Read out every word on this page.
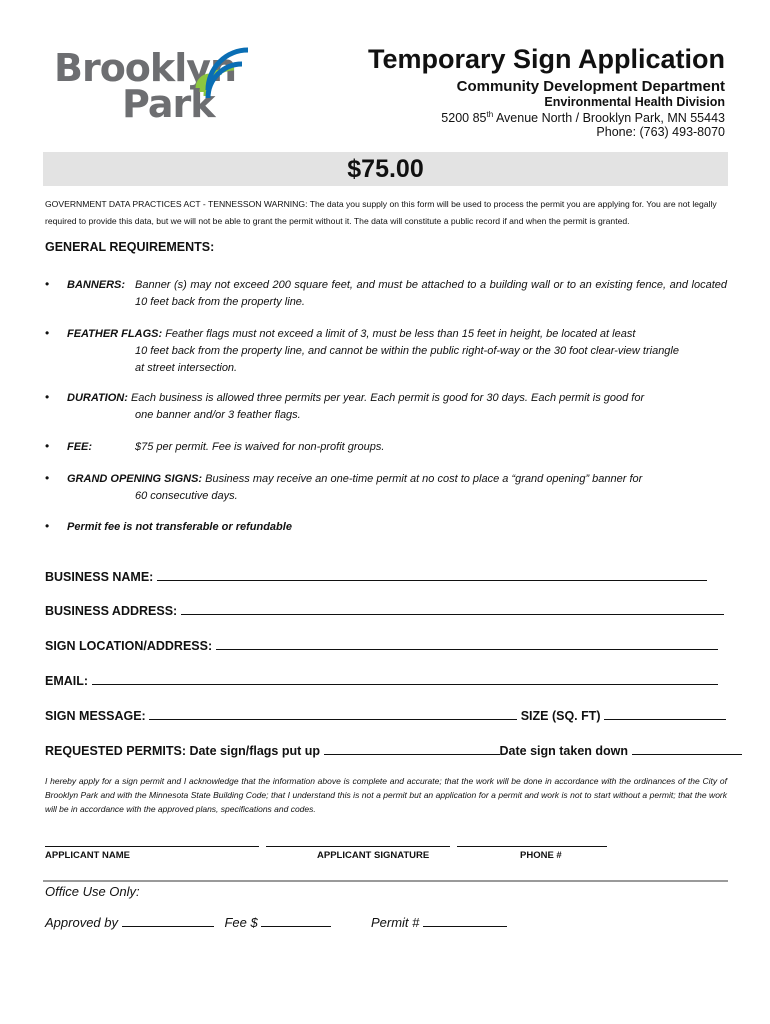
Brooklyn
Park
Temporary Sign Application
Community Development Department
Environmental Health Division
5200 85th Avenue North / Brooklyn Park, MN 55443
Phone: (763) 493-8070
$75.00
GOVERNMENT DATA PRACTICES ACT - TENNESSON WARNING: The data you supply on this form will be used to process the permit you are applying for. You are not legally required to provide this data, but we will not be able to grant the permit without it. The data will constitute a public record if and when the permit is granted.
GENERAL REQUIREMENTS:
• BANNERS: Banner (s) may not exceed 200 square feet, and must be attached to a building wall or to an existing fence, and located 10 feet back from the property line.
• FEATHER FLAGS: Feather flags must not exceed a limit of 3, must be less than 15 feet in height, be located at least
10 feet back from the property line, and cannot be within the public right-of-way or the 30 foot clear-view triangle
at street intersection.
• DURATION: Each business is allowed three permits per year. Each permit is good for 30 days. Each permit is good for
one banner and/or 3 feather flags.
• FEE:	$75 per permit. Fee is waived for non-profit groups.
• GRAND OPENING SIGNS: Business may receive an one-time permit at no cost to place a “grand opening” banner for
60 consecutive days.
• Permit fee is not transferable or refundable
BUSINESS NAME:
BUSINESS ADDRESS:
SIGN LOCATION/ADDRESS:
EMAIL:
SIGN MESSAGE:	SIZE (SQ. FT)
REQUESTED PERMITS: Date sign/flags put up	Date sign taken down
I hereby apply for a sign permit and I acknowledge that the information above is complete and accurate; that the work will be done in accordance with the ordinances of the City of Brooklyn Park and with the Minnesota State Building Code; that I understand this is not a permit but an application for a permit and work is not to start without a permit; that the work will be in accordance with the approved plans, specifications and codes.
APPLICANT NAME	APPLICANT SIGNATURE	PHONE #
Office Use Only:
Approved by	Fee $	Permit #
